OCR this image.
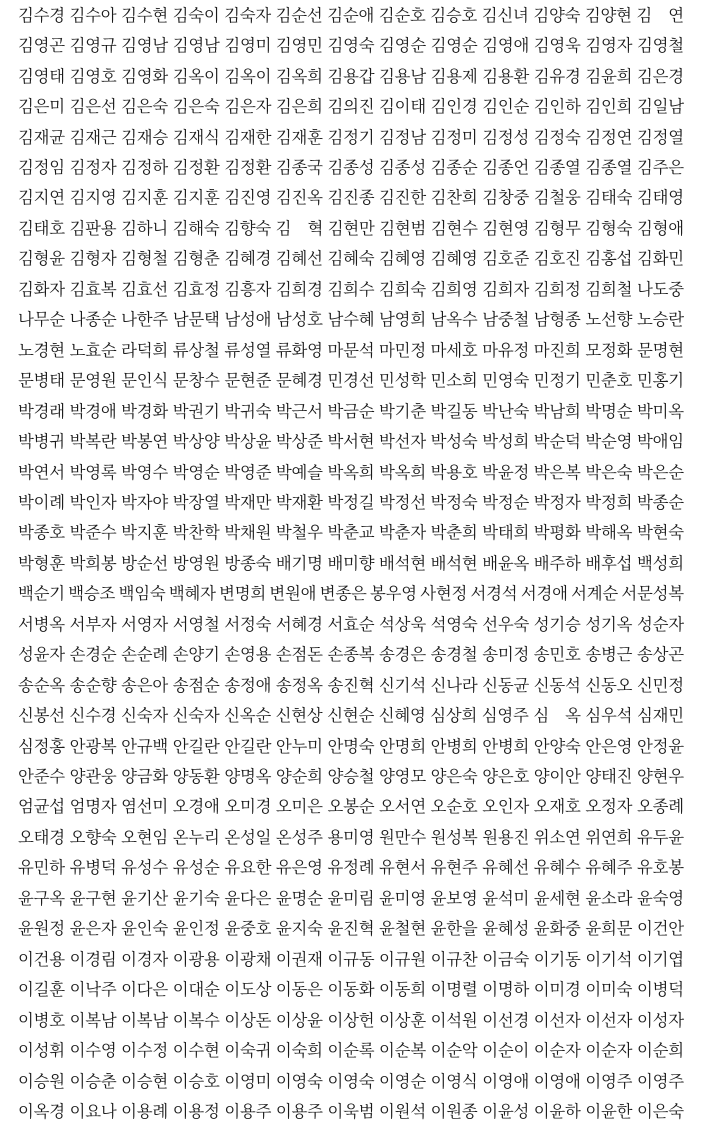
김수경 김수아 김수현 김숙이 김숙자 김순선 김순애 김순호 김승호 김신녀 김양숙 김양현 김　연
김영곤 김영규 김영남 김영남 김영미 김영민 김영숙 김영순 김영순 김영애 김영욱 김영자 김영철
김영태 김영호 김영화 김옥이 김옥이 김옥희 김용갑 김용남 김용제 김용환 김유경 김윤희 김은경
김은미 김은선 김은숙 김은숙 김은자 김은희 김의진 김이태 김인경 김인순 김인하 김인희 김일남
김재균 김재근 김재승 김재식 김재한 김재훈 김정기 김정남 김정미 김정성 김정숙 김정연 김정열
김정임 김정자 김정하 김정환 김정환 김종국 김종성 김종성 김종순 김종언 김종열 김종열 김주은
김지연 김지영 김지훈 김지훈 김진영 김진옥 김진종 김진한 김찬희 김창중 김철웅 김태숙 김태영
김태호 김판용 김하니 김해숙 김향숙 김　혁 김현만 김현범 김현수 김현영 김형무 김형숙 김형애
김형윤 김형자 김형철 김형춘 김혜경 김혜선 김혜숙 김혜영 김혜영 김호준 김호진 김홍섭 김화민
김화자 김효복 김효선 김효정 김흥자 김희경 김희수 김희숙 김희영 김희자 김희정 김희철 나도중
나무순 나종순 나한주 남문택 남성애 남성호 남수혜 남영희 남옥수 남중철 남형종 노선향 노승란
노경현 노효순 라덕희 류상철 류성열 류화영 마문석 마민정 마세호 마유정 마진희 모정화 문명현
문병태 문영원 문인식 문창수 문현준 문혜경 민경선 민성학 민소희 민영숙 민정기 민춘호 민홍기
박경래 박경애 박경화 박권기 박귀숙 박근서 박금순 박기춘 박길동 박난숙 박남희 박명순 박미옥
박병귀 박복란 박봉연 박상양 박상윤 박상준 박서현 박선자 박성숙 박성희 박순덕 박순영 박애임
박연서 박영록 박영수 박영순 박영준 박예슬 박옥희 박옥희 박용호 박윤정 박은복 박은숙 박은순
박이례 박인자 박자야 박장열 박재만 박재환 박정길 박정선 박정숙 박정순 박정자 박정희 박종순
박종호 박준수 박지훈 박찬학 박채원 박철우 박춘교 박춘자 박춘희 박태희 박평화 박해옥 박현숙
박형훈 박희봉 방순선 방영원 방종숙 배기명 배미향 배석현 배석현 배윤옥 배주하 배후섭 백성희
백순기 백승조 백임숙 백혜자 변명희 변원애 변종은 봉우영 사현정 서경석 서경애 서계순 서문성복
서병옥 서부자 서영자 서영철 서정숙 서혜경 서효순 석상욱 석영숙 선우숙 성기승 성기옥 성순자
성윤자 손경순 손순례 손양기 손영용 손점돈 손종복 송경은 송경철 송미정 송민호 송병근 송상곤
송순옥 송순향 송은아 송점순 송정애 송정옥 송진혁 신기석 신나라 신동균 신동석 신동오 신민정
신봉선 신수경 신숙자 신숙자 신옥순 신현상 신현순 신혜영 심상희 심영주 심　옥 심우석 심재민
심정홍 안광복 안규백 안길란 안길란 안누미 안명숙 안명희 안병희 안병희 안양숙 안은영 안정윤
안준수 양관웅 양금화 양동환 양명옥 양순희 양승철 양영모 양은숙 양은호 양이안 양태진 양현우
엄균섭 엄명자 염선미 오경애 오미경 오미은 오봉순 오서연 오순호 오인자 오재호 오정자 오종례
오태경 오향숙 오현임 온누리 온성일 온성주 용미영 원만수 원성복 원용진 위소연 위연희 유두윤
유민하 유병덕 유성수 유성순 유요한 유은영 유정례 유현서 유현주 유혜선 유혜수 유혜주 유호봉
윤구옥 윤구현 윤기산 윤기숙 윤다은 윤명순 윤미림 윤미영 윤보영 윤석미 윤세현 윤소라 윤숙영
윤원정 윤은자 윤인숙 윤인정 윤중호 윤지숙 윤진혁 윤철현 윤한을 윤혜성 윤화중 윤희문 이건안
이건용 이경림 이경자 이광용 이광채 이권재 이규동 이규원 이규찬 이금숙 이기동 이기석 이기엽
이길훈 이낙주 이다은 이대순 이도상 이동은 이동화 이동희 이명렬 이명하 이미경 이미숙 이병덕
이병호 이복남 이복남 이복수 이상돈 이상윤 이상헌 이상훈 이석원 이선경 이선자 이선자 이성자
이성휘 이수영 이수정 이수현 이숙귀 이숙희 이순록 이순복 이순악 이순이 이순자 이순자 이순희
이승원 이승춘 이승현 이승호 이영미 이영숙 이영숙 이영순 이영식 이영애 이영애 이영주 이영주
이옥경 이요나 이용례 이용정 이용주 이용주 이욱범 이원석 이원종 이윤성 이윤하 이윤한 이은숙
